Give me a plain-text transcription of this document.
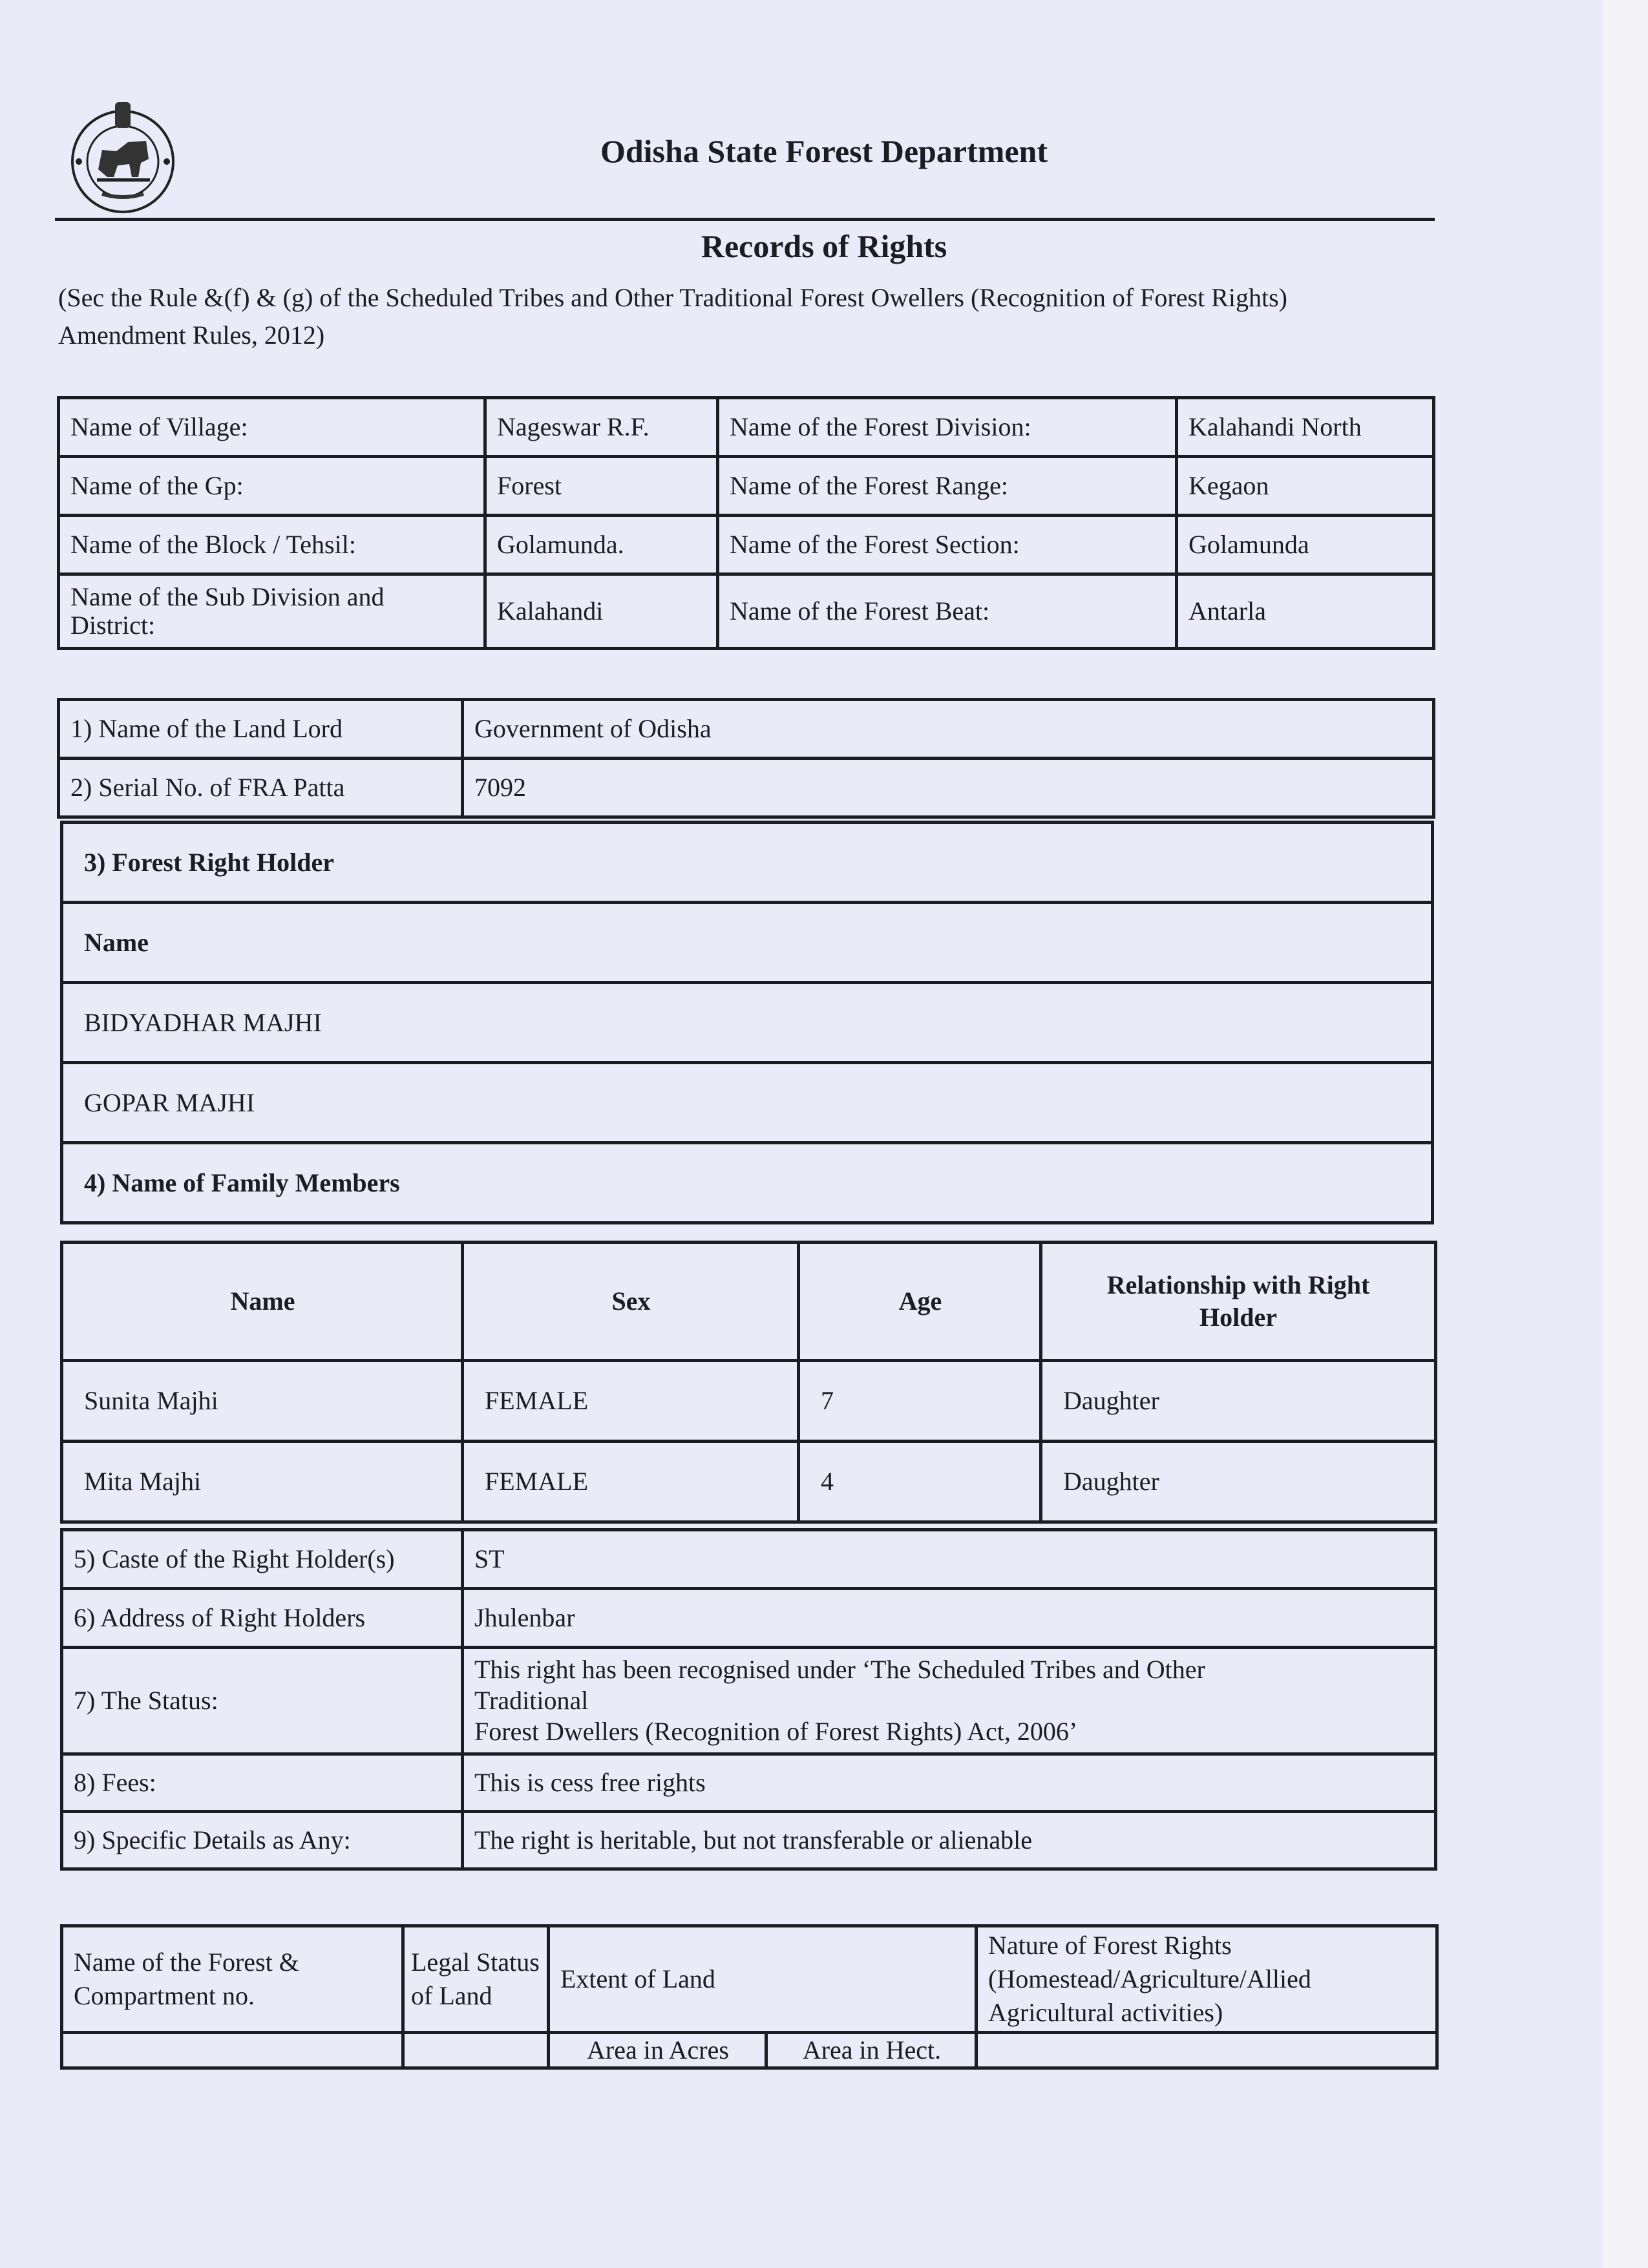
Odisha State Forest Department
Records of Rights
(Sec the Rule &(f) & (g) of the Scheduled Tribes and Other Traditional Forest Owellers (Recognition of Forest Rights) Amendment Rules, 2012)
Name of Village:	Nageswar R.F.	Name of the Forest Division:	Kalahandi North
Name of the Gp:	Forest	Name of the Forest Range:	Kegaon
Name of the Block / Tehsil:	Golamunda.	Name of the Forest Section:	Golamunda
Name of the Sub Division and District:	Kalahandi	Name of the Forest Beat:	Antarla
1) Name of the Land Lord	Government of Odisha
2) Serial No. of FRA Patta	7092
3) Forest Right Holder
Name
BIDYADHAR MAJHI
GOPAR MAJHI
4) Name of Family Members
Name	Sex	Age	Relationship with Right Holder
Sunita Majhi	FEMALE	7	Daughter
Mita Majhi	FEMALE	4	Daughter
5) Caste of the Right Holder(s)	ST
6) Address of Right Holders	Jhulenbar
7) The Status:	This right has been recognised under ‘The Scheduled Tribes and Other
Traditional
Forest Dwellers (Recognition of Forest Rights) Act, 2006’

8) Fees:	This is cess free rights
9) Specific Details as Any:	The right is heritable, but not transferable or alienable
Name of the Forest & Compartment no.	Legal Status of Land	Extent of Land		Nature of Forest Rights (Homestead/Agriculture/Allied Agricultural activities)
		Area in Acres	Area in Hect.	
